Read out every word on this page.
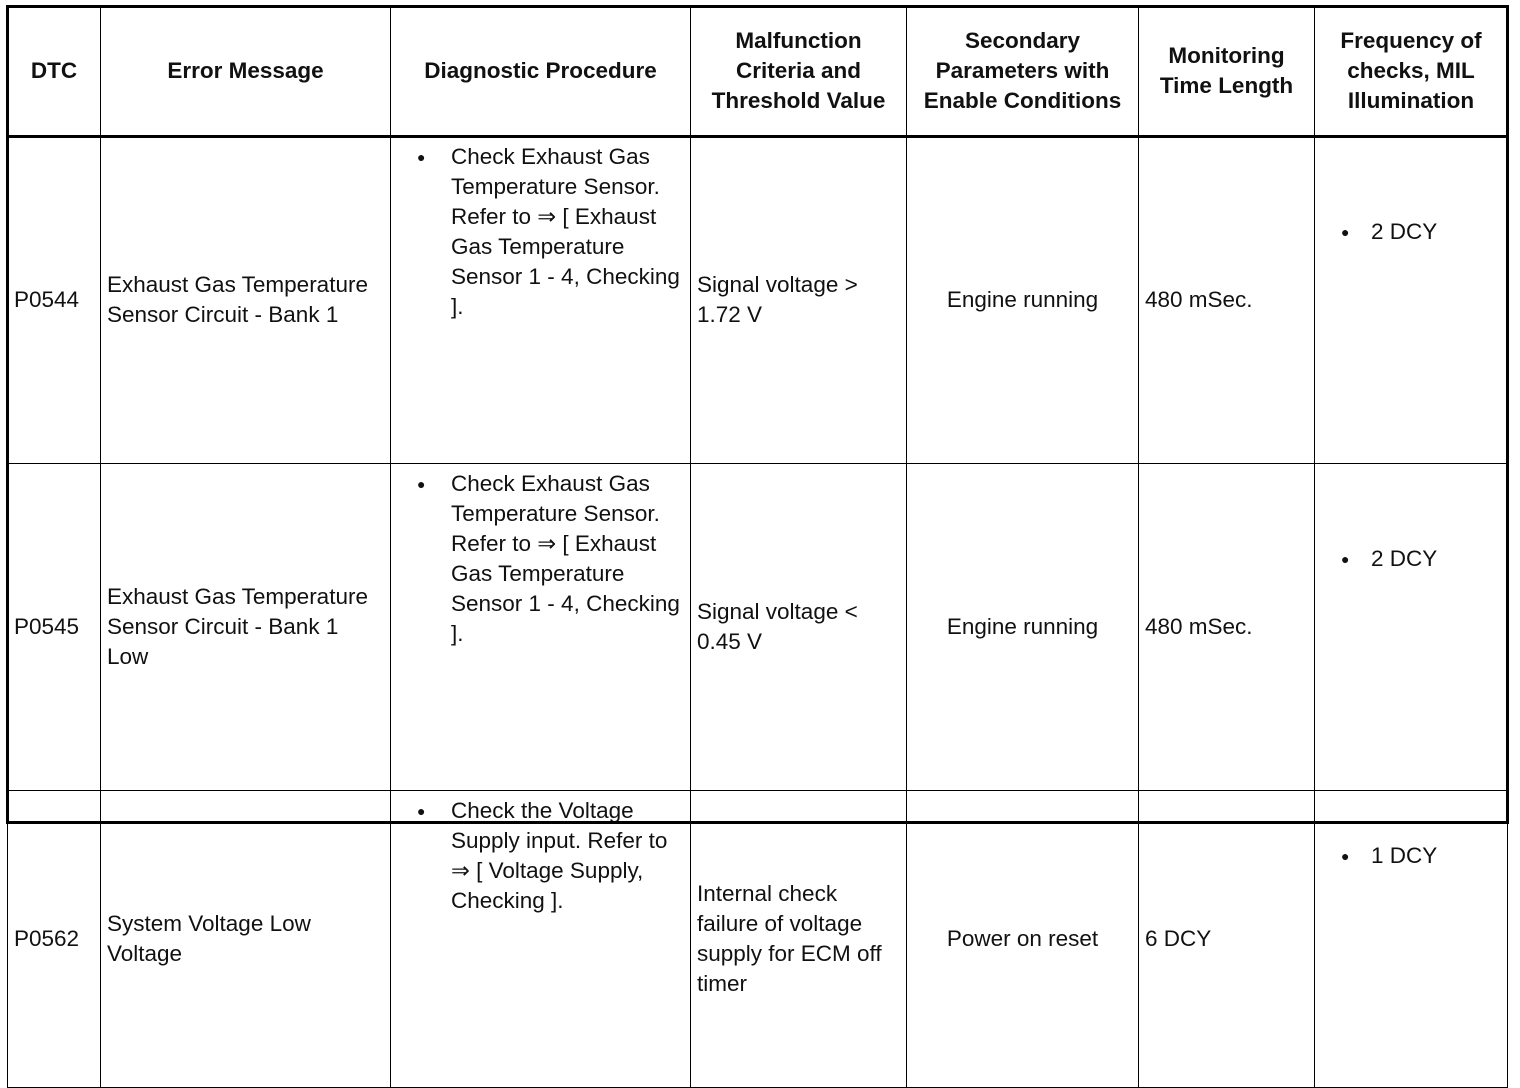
DTC	Error Message	Diagnostic Procedure	Malfunction Criteria and Threshold Value	Secondary Parameters with Enable Conditions	Monitoring Time Length	Frequency of checks, MIL Illumination
P0544	Exhaust Gas Temperature Sensor Circuit - Bank 1	● Check Exhaust Gas Temperature Sensor. Refer to ⇒ [ Exhaust Gas Temperature Sensor 1 - 4, Checking ].	Signal voltage > 1.72 V	Engine running	480 mSec.	● 2 DCY

P0545	Exhaust Gas Temperature Sensor Circuit - Bank 1 Low	● Check Exhaust Gas Temperature Sensor. Refer to ⇒ [ Exhaust Gas Temperature Sensor 1 - 4, Checking ].	Signal voltage < 0.45 V	Engine running	480 mSec.	● 2 DCY

P0562	System Voltage Low Voltage	● Check the Voltage Supply input. Refer to ⇒ [ Voltage Supply, Checking ].	Internal check failure of voltage supply for ECM off timer	Power on reset	6 DCY	● 1 DCY
